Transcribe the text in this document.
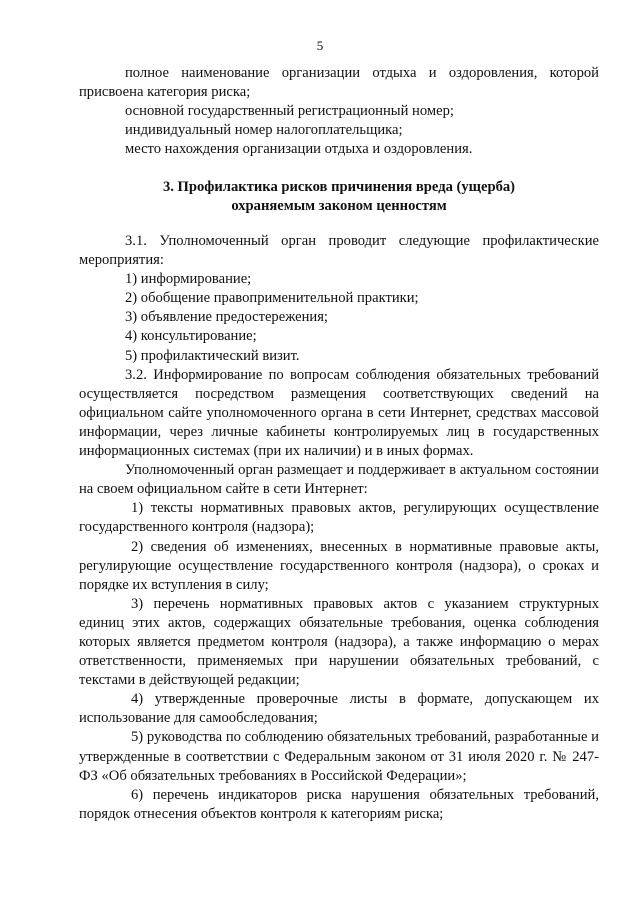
5

полное наименование организации отдыха и оздоровления, которой присвоена категория риска;

основной государственный регистрационный номер;

индивидуальный номер налогоплательщика;

место нахождения организации отдыха и оздоровления.

3. Профилактика рисков причинения вреда (ущерба)
охраняемым законом ценностям

3.1. Уполномоченный орган проводит следующие профилактические мероприятия:

1) информирование;

2) обобщение правоприменительной практики;

3) объявление предостережения;

4) консультирование;

5) профилактический визит.

3.2. Информирование по вопросам соблюдения обязательных требований осуществляется посредством размещения соответствующих сведений на официальном сайте уполномоченного органа в сети Интернет, средствах массовой информации, через личные кабинеты контролируемых лиц в государственных информационных системах (при их наличии) и в иных формах.

Уполномоченный орган размещает и поддерживает в актуальном состоянии на своем официальном сайте в сети Интернет:

1) тексты нормативных правовых актов, регулирующих осуществление государственного контроля (надзора);

2) сведения об изменениях, внесенных в нормативные правовые акты, регулирующие осуществление государственного контроля (надзора), о сроках и порядке их вступления в силу;

3) перечень нормативных правовых актов с указанием структурных единиц этих актов, содержащих обязательные требования, оценка соблюдения которых является предметом контроля (надзора), а также информацию о мерах ответственности, применяемых при нарушении обязательных требований, с текстами в действующей редакции;

4) утвержденные проверочные листы в формате, допускающем их использование для самообследования;

5) руководства по соблюдению обязательных требований, разработанные и утвержденные в соответствии с Федеральным законом от 31 июля 2020 г. № 247-ФЗ «Об обязательных требованиях в Российской Федерации»;

6) перечень индикаторов риска нарушения обязательных требований, порядок отнесения объектов контроля к категориям риска;
